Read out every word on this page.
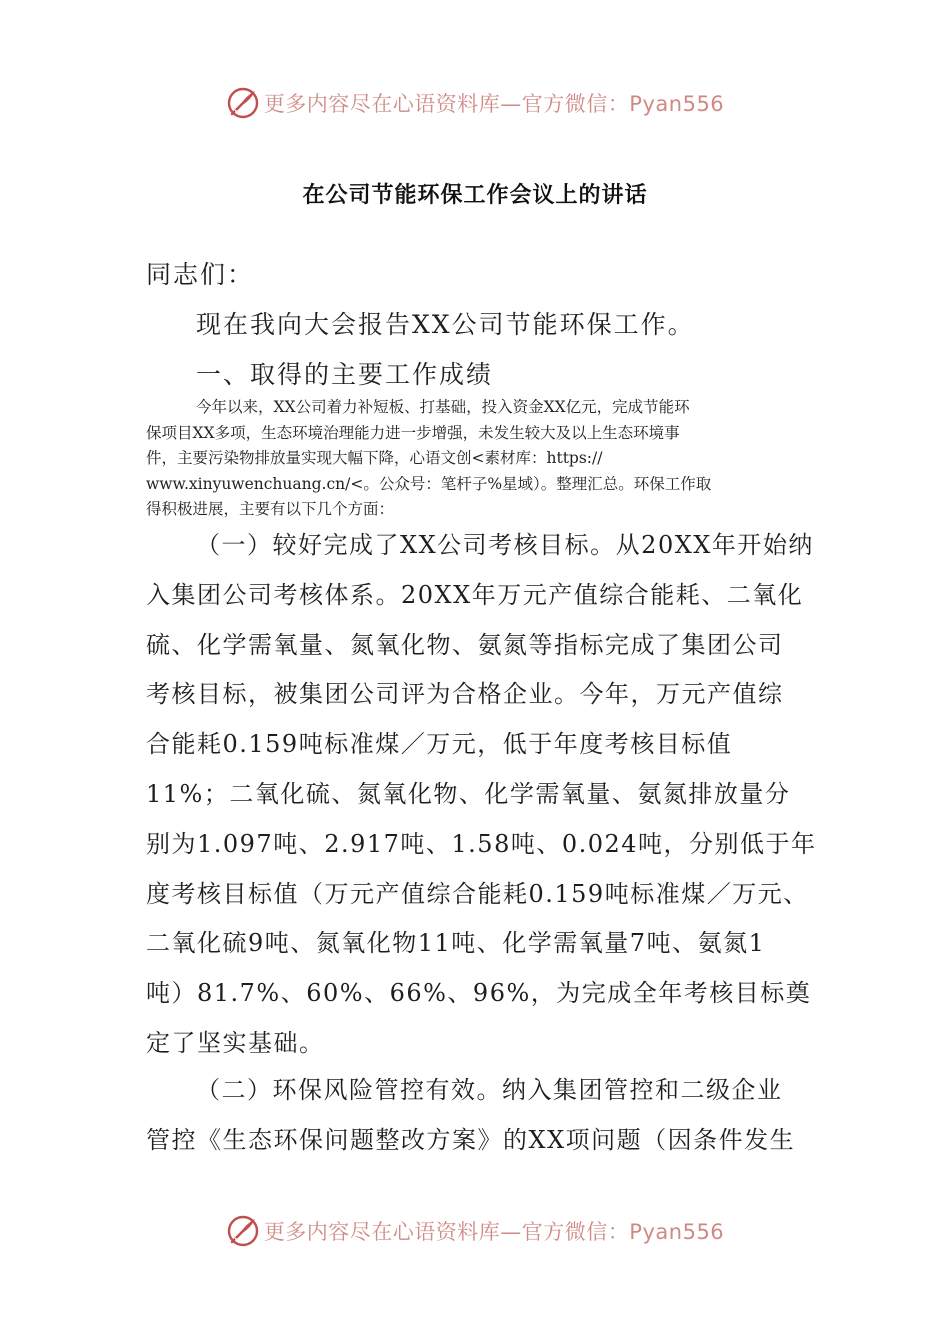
更多内容尽在心语资料库—官方微信：Pyan556
在公司节能环保工作会议上的讲话

同志们：

现在我向大会报告XX公司节能环保工作。

一、取得的主要工作成绩

今年以来，XX公司着力补短板、打基础，投入资金XX亿元，完成节能环
保项目XX多项，生态环境治理能力进一步增强，未发生较大及以上生态环境事
件，主要污染物排放量实现大幅下降，心语文创<素材库：https://
www.xinyuwenchuang.cn/<。公众号：笔杆子%星域）。整理汇总。环保工作取
得积极进展，主要有以下几个方面：
（一）较好完成了XX公司考核目标。从20XX年开始纳
入集团公司考核体系。20XX年万元产值综合能耗、二氧化
硫、化学需氧量、氮氧化物、氨氮等指标完成了集团公司
考核目标，被集团公司评为合格企业。今年，万元产值综
合能耗0.159吨标准煤／万元，低于年度考核目标值
11%；二氧化硫、氮氧化物、化学需氧量、氨氮排放量分
别为1.097吨、2.917吨、1.58吨、0.024吨，分别低于年
度考核目标值（万元产值综合能耗0.159吨标准煤／万元、
二氧化硫9吨、氮氧化物11吨、化学需氧量7吨、氨氮1
吨）81.7%、60%、66%、96%，为完成全年考核目标奠
定了坚实基础。
（二）环保风险管控有效。纳入集团管控和二级企业
管控《生态环保问题整改方案》的XX项问题（因条件发生
更多内容尽在心语资料库—官方微信：Pyan556
